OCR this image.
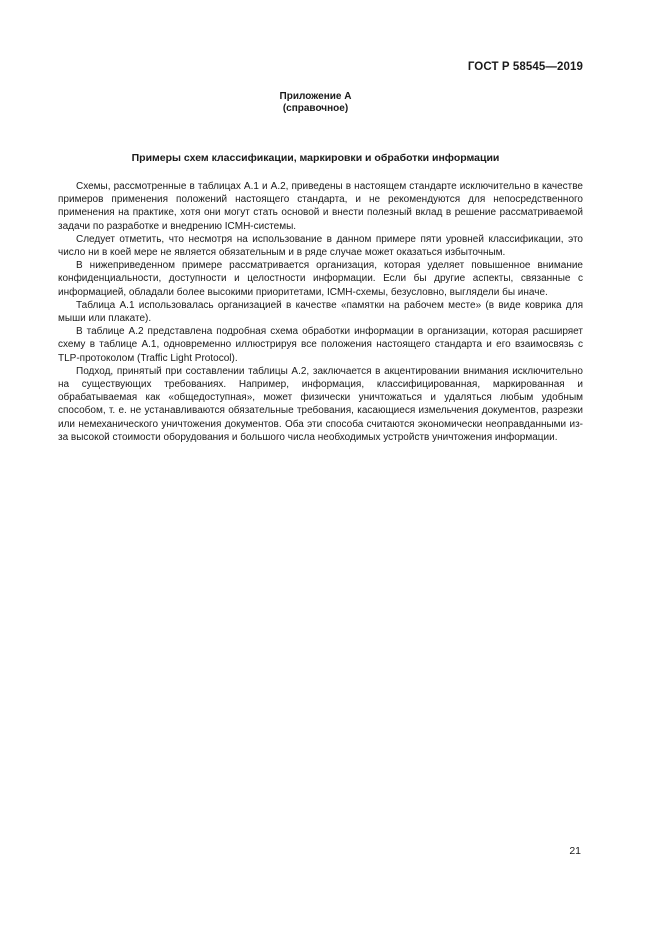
ГОСТ Р 58545—2019
Приложение А
(справочное)
Примеры схем классификации, маркировки и обработки информации

Схемы, рассмотренные в таблицах А.1 и А.2, приведены в настоящем стандарте исключительно в качестве примеров применения положений настоящего стандарта, и не рекомендуются для непосредственного применения на практике, хотя они могут стать основой и внести полезный вклад в решение рассматриваемой задачи по разработке и внедрению ICMH-системы.

Следует отметить, что несмотря на использование в данном примере пяти уровней классификации, это число ни в коей мере не является обязательным и в ряде случае может оказаться избыточным.

В нижеприведенном примере рассматривается организация, которая уделяет повышенное внимание конфиденциальности, доступности и целостности информации. Если бы другие аспекты, связанные с информацией, обладали более высокими приоритетами, ICMH-схемы, безусловно, выглядели бы иначе.

Таблица А.1 использовалась организацией в качестве «памятки на рабочем месте» (в виде коврика для мыши или плакате).

В таблице А.2 представлена подробная схема обработки информации в организации, которая расширяет схему в таблице А.1, одновременно иллюстрируя все положения настоящего стандарта и его взаимосвязь с TLP-протоколом (Traffic Light Protocol).

Подход, принятый при составлении таблицы А.2, заключается в акцентировании внимания исключительно на существующих требованиях. Например, информация, классифицированная, маркированная и обрабатываемая как «общедоступная», может физически уничтожаться и удаляться любым удобным способом, т. е. не устанавливаются обязательные требования, касающиеся измельчения документов, разрезки или немеханического уничтожения документов. Оба эти способа считаются экономически неоправданными из-за высокой стоимости оборудования и большого числа необходимых устройств уничтожения информации.

21
